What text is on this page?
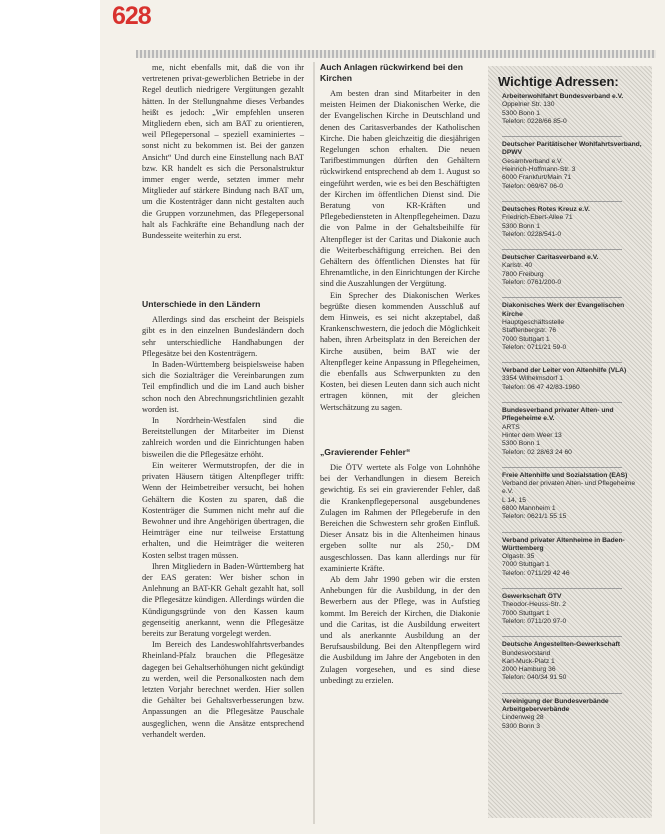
628

me, nicht ebenfalls mit, daß die von ihr vertretenen privat-gewerblichen Betriebe in der Regel deutlich niedrigere Vergütungen gezahlt hätten. In der Stellungnahme dieses Verbandes heißt es jedoch: „Wir empfehlen unseren Mitgliedern eben, sich am BAT zu orientieren, weil Pflegepersonal – speziell examiniertes – sonst nicht zu bekommen ist. Bei der ganzen Ansicht“ Und durch eine Einstellung nach BAT bzw. KR handelt es sich die Personalstruktur immer enger werde, setzten immer mehr Mitglieder auf stärkere Bindung nach BAT um, um die Kostenträger dann nicht gestalten auch die Gruppen vorzunehmen, das Pflegepersonal halt als Fachkräfte eine Behandlung nach der Bundesseite weiterhin zu erst.

Unterschiede in den Ländern

Allerdings sind das erscheint der Beispiels gibt es in den einzelnen Bundesländern doch sehr unterschiedliche Handhabungen der Pflegesätze bei den Kostenträgern.

In Baden-Württemberg beispielsweise haben sich die Sozialträger die Vereinbarungen zum Teil empfindlich und die im Land auch bisher schon noch den Abrechnungsrichtlinien gezahlt worden ist.

In Nordrhein-Westfalen sind die Bereitstellungen der Mitarbeiter im Dienst zahlreich worden und die Einrichtungen haben bisweilen die die Pflegesätze erhöht.

Ein weiterer Wermutstropfen, der die in privaten Häusern tätigen Altenpfleger trifft: Wenn der Heimbetreiber versucht, bei hohen Gehältern die Kosten zu sparen, daß die Kostenträger die Summen nicht mehr auf die Bewohner und ihre Angehörigen übertragen, die Heimträger eine nur teilweise Erstattung erhalten, und die Heimträger die weiteren Kosten selbst tragen müssen.

Ihren Mitgliedern in Baden-Württemberg hat der EAS geraten: Wer bisher schon in Anlehnung an BAT-KR Gehalt gezahlt hat, soll die Pflegesätze kündigen. Allerdings würden die Kündigungsgründe von den Kassen kaum gegenseitig anerkannt, wenn die Pflegesätze bereits zur Beratung vorgelegt werden.

Im Bereich des Landeswohlfahrtsverbandes Rheinland-Pfalz brauchen die Pflegesätze dagegen bei Gehaltserhöhungen nicht gekündigt zu werden, weil die Personalkosten nach dem letzten Vorjahr berechnet werden. Hier sollen die Gehälter bei Gehaltsverbesserungen bzw. Anpassungen an die Pflegesätze Pauschale ausgeglichen, wenn die Ansätze entsprechend verhandelt werden.

Auch Anlagen rückwirkend bei den Kirchen

Am besten dran sind Mitarbeiter in den meisten Heimen der Diakonischen Werke, die der Evangelischen Kirche in Deutschland und denen des Caritasverbandes der Katholischen Kirche. Die haben gleichzeitig die diesjährigen Regelungen schon erhalten. Die neuen Tarifbestimmungen dürften den Gehältern rückwirkend entsprechend ab dem 1. August so eingeführt werden, wie es bei den Beschäftigten der Kirchen im öffentlichen Dienst sind. Die Beratung von KR-Kräften und Pflegebediensteten in Altenpflegeheimen. Dazu die von Palme in der Gehaltsbeihilfe für Altenpfleger ist der Caritas und Diakonie auch die Weiterbeschäftigung erreichen. Bei den Gehältern des öffentlichen Dienstes hat für Ehrenamtliche, in den Einrichtungen der Kirche sind die Auszahlungen der Vergütung.

Ein Sprecher des Diakonischen Werkes begrüßte diesen kommenden Ausschluß auf dem Hinweis, es sei nicht akzeptabel, daß Krankenschwestern, die jedoch die Möglichkeit haben, ihren Arbeitsplatz in den Bereichen der Kirche ausüben, beim BAT wie der Altenpfleger keine Anpassung in Pflegeheimen, die ebenfalls aus Schwerpunkten zu den Kosten, bei diesen Leuten dann sich auch nicht ertragen können, mit der gleichen Wertschätzung zu sagen.

„Gravierender Fehler“

Die ÖTV wertete als Folge von Lohnhöhe bei der Verhandlungen in diesem Bereich gewichtig. Es sei ein gravierender Fehler, daß die Krankenpflegepersonal ausgebundenes Zulagen im Rahmen der Pflegeberufe in den Bereichen die Schwestern sehr großen Einfluß. Dieser Ansatz bis in die Altenheimen hinaus ergeben sollte nur als 250,- DM ausgeschlossen. Das kann allerdings nur für examinierte Kräfte.

Ab dem Jahr 1990 geben wir die ersten Anhebungen für die Ausbildung, in der den Bewerbern aus der Pflege, was in Aufstieg kommt. Im Bereich der Kirchen, die Diakonie und die Caritas, ist die Ausbildung erweitert und als anerkannte Ausbildung an der Berufsausbildung. Bei den Altenpflegern wird die Ausbildung im Jahre der Angeboten in den Zulagen vorgesehen, und es sind diese unbedingt zu erzielen.

Wichtige Adressen:
Arbeiterwohlfahrt Bundesverband e.V.
Oppelner Str. 130
5300 Bonn 1
Telefon: 0228/66 85-0
Deutscher Paritätischer Wohlfahrtsverband, DPWV
Gesamtverband e.V.
Heinrich-Hoffmann-Str. 3
6000 Frankfurt/Main 71
Telefon: 069/67 06-0
Deutsches Rotes Kreuz e.V.
Friedrich-Ebert-Allee 71
5300 Bonn 1
Telefon: 0228/541-0
Deutscher Caritasverband e.V.
Karlstr. 40
7800 Freiburg
Telefon: 0761/200-0
Diakonisches Werk der Evangelischen Kirche
Hauptgeschäftsstelle
Stafflenbergstr. 76
7000 Stuttgart 1
Telefon: 0711/21 59-0
Verband der Leiter von Altenhilfe (VLA)
3354 Wilhelmsdorf 1
Telefon: 06 47 42/83-1960
Bundesverband privater Alten- und Pflegeheime e.V.
ARTS
Hinter dem Weer 13
5300 Bonn 1
Telefon: 02 28/63 24 60
Freie Altenhilfe und Sozialstation (EAS)
Verband der privaten Alten- und Pflegeheime e.V.
L 14, 15
6800 Mannheim 1
Telefon: 0621/1 55 15
Verband privater Altenheime in Baden-Württemberg
Olgastr. 35
7000 Stuttgart 1
Telefon: 0711/29 42 46
Gewerkschaft ÖTV
Theodor-Heuss-Str. 2
7000 Stuttgart 1
Telefon: 0711/20 97-0
Deutsche Angestellten-Gewerkschaft
Bundesvorstand
Karl-Muck-Platz 1
2000 Hamburg 36
Telefon: 040/34 91 50
Vereinigung der Bundesverbände Arbeitgeberverbände
Lindenweg 28
5300 Bonn 3
